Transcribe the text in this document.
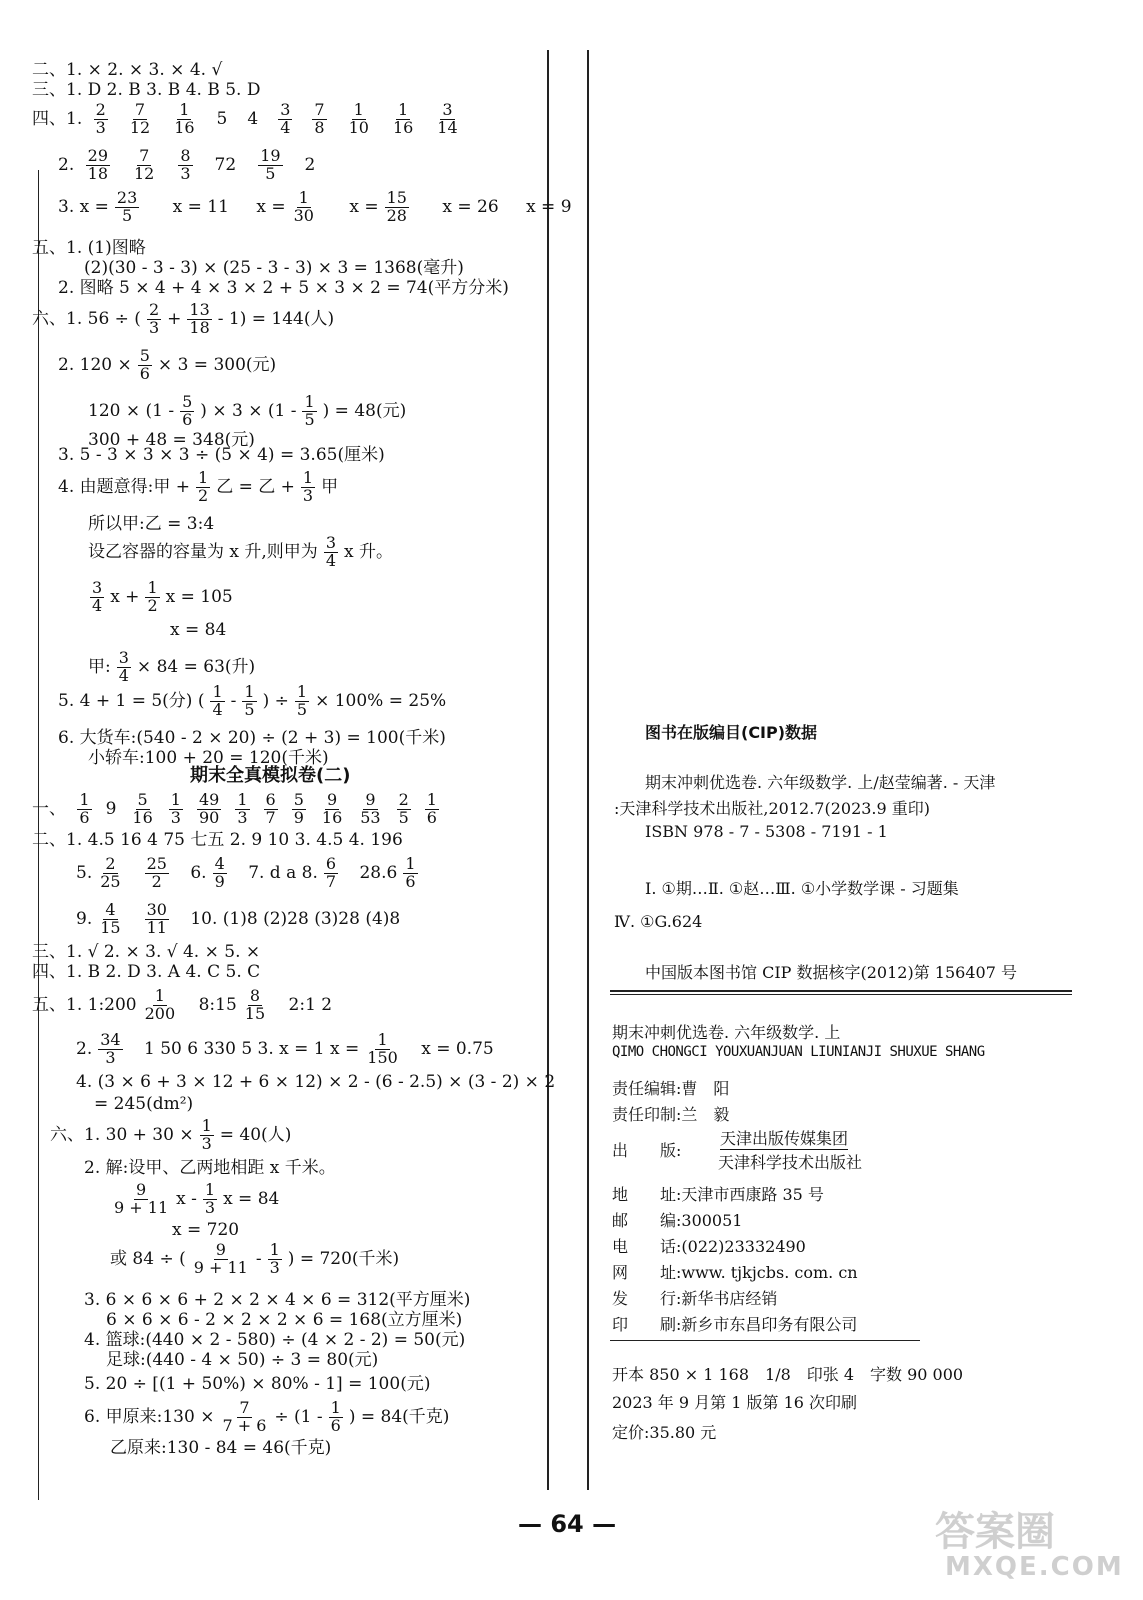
二、1. × 2. × 3. × 4. √
三、1. D 2. B 3. B 4. B 5. D
四、1. $\frac{2}{3} \frac{7}{12} \frac{1}{16} 5$ $4 \frac{3}{4} \frac{7}{8} \frac{1}{10} \frac{1}{16} \frac{3}{14}$
2. $\frac{29}{18} \frac{7}{12} \frac{8}{3} 72 \frac{19}{5} 2$
3. $x = \frac{23}{5}$ x = 11 $x = \frac{1}{30}$ $x = \frac{15}{28}$ x = 26 x = 9
五、1. (1)图略
(2)(30 - 3 - 3) × (25 - 3 - 3) × 3 = 1368(毫升)
2. 图略 5 × 4 + 4 × 3 × 2 + 5 × 3 × 2 = 74(平方分米)
六、1. 56 ÷ ( $\frac{2}{3} + \frac{13}{18} - 1) = 144$(人)
2. $120 \times \frac{5}{6} \times 3 = 300$(元)
$120 \times (1 - \frac{5}{6}$ ) × $3 \times (1 - \frac{1}{5}$ ) = 48(元)
300 + 48 = 348(元)
3. 5 - 3 × 3 × 3 ÷ (5 × 4) = 3.65(厘米)
4. 由题意得:甲 + $\frac{1}{2}$ 乙 = 乙 + $\frac{1}{3}$ 甲
所以甲:乙 = 3:4
设乙容器的容量为 x 升,则甲为 $\frac{3}{4}$ x 升。
$\frac{3}{4}$ $x + \frac{1}{2}$ x = 105
x = 84
甲: $\frac{3}{4} \times 84 = 63$(升)
5. 4 + 1 = 5(分) ( $\frac{1}{4} - \frac{1}{5}$ ) ÷ $\frac{1}{5} \times 100\% = 25\%$
6. 大货车:(540 - 2 × 20) ÷ (2 + 3) = 100(千米)
小轿车:100 + 20 = 120(千米)
期末全真模拟卷(二)
一、 $\frac{1}{6} 9 \frac{5}{16} \frac{1}{3} \frac{49}{90} \frac{1}{3} \frac{6}{7} \frac{5}{9} \frac{9}{16} \frac{9}{53} \frac{2}{5} \frac{1}{6}$
二、1. 4.5 16 4 75 七五 2. 9 10 3. 4.5 4. 196
5. $\frac{2}{25} \frac{25}{2} 6$. $\frac{4}{9} 7$. d a 8. $\frac{6}{7} 28.6 \frac{1}{6}$
9. $\frac{4}{15} \frac{30}{11} 10$. (1)8 (2)28 (3)28 (4)8
三、1. √ 2. × 3. √ 4. × 5. ×
四、1. B 2. D 3. A 4. C 5. C
五、1. 1:200 $\frac{1}{200}$ 8:15 $\frac{8}{15}$ 2:1 2
2. $\frac{34}{3} 1$ 50 6 330 5 3. x = 1 $x = \frac{1}{150}$ x = 0.75
4. (3 × 6 + 3 × 12 + 6 × 12) × 2 - (6 - 2.5) × (3 - 2) × 2
= 245(dm²)
六、1. $30 + 30 \times \frac{1}{3} = 40$(人)
2. 解:设甲、乙两地相距 x 千米。
$\frac{9}{9 + 11}$ x - $\frac{1}{3}$ x = 84
x = 720
或 84 ÷ ( $\frac{9}{9 + 11} - \frac{1}{3}$ ) = 720(千米)
3. 6 × 6 × 6 + 2 × 2 × 4 × 6 = 312(平方厘米)
6 × 6 × 6 - 2 × 2 × 2 × 6 = 168(立方厘米)
4. 篮球:(440 × 2 - 580) ÷ (4 × 2 - 2) = 50(元)
足球:(440 - 4 × 50) ÷ 3 = 80(元)
5. 20 ÷ [(1 + 50%) × 80% - 1] = 100(元)
6. 甲原来:130 × $\frac{7}{7 + 6} \div (1 - \frac{1}{6}$ ) = 84(千克)
乙原来:130 - 84 = 46(千克)
图书在版编目(CIP)数据
期末冲刺优选卷. 六年级数学. 上/赵莹编著. - 天津
:天津科学技术出版社,2012.7(2023.9 重印)
ISBN 978 - 7 - 5308 - 7191 - 1
Ⅰ. ①期…Ⅱ. ①赵…Ⅲ. ①小学数学课 - 习题集
Ⅳ. ①G.624
中国版本图书馆 CIP 数据核字(2012)第 156407 号
期末冲刺优选卷. 六年级数学. 上
QIMO CHONGCI YOUXUANJUAN LIUNIANJI SHUXUE SHANG
责任编辑:曹　阳
责任印制:兰　毅
出　　版:
天津出版传媒集团
天津科学技术出版社
地　　址:天津市西康路 35 号
邮　　编:300051
电　　话:(022)23332490
网　　址:www. tjkjcbs. com. cn
发　　行:新华书店经销
印　　刷:新乡市东昌印务有限公司
开本 850 × 1 168　1/8　印张 4　字数 90 000
2023 年 9 月第 1 版第 16 次印刷
定价:35.80 元
— 64 —	答案圈
MXQE.COM
